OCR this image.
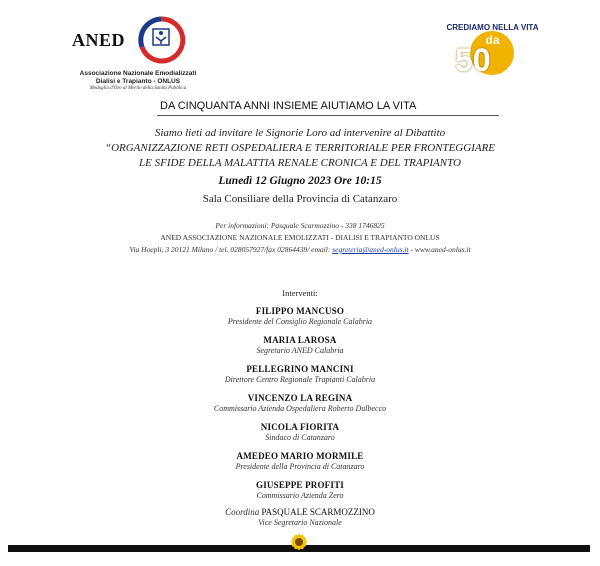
ANED
Associazione Nazionale Emodializzati
Dialisi e Trapianto - ONLUS
Medaglia d'Oro al Merito della Sanità Pubblica
CREDIAMO NELLA VITA
da
50 anni
DA CINQUANTA ANNI INSIEME AIUTIAMO LA VITA
Siamo lieti ad invitare le Signorie Loro ad intervenire al Dibattito
“ORGANIZZAZIONE RETI OSPEDALIERA E TERRITORIALE PER FRONTEGGIARE
LE SFIDE DELLA MALATTIA RENALE CRONICA E DEL TRAPIANTO
Lunedì 12 Giugno 2023 Ore 10:15
Sala Consiliare della Provincia di Catanzaro
Per informazioni: Pasquale Scarmozzino - 338 1746825
ANED ASSOCIAZIONE NAZIONALE EMOLIZZATI - DIALISI E TRAPIANTO ONLUS
Via Hoepli, 3 20121 Milano / tel. 028057927/fax 02864439/ email: segreteria@aned-onlus.it - www.aned-onlus.it
Interventi:
FILIPPO MANCUSO
Presidente del Consiglio Regionale Calabria
MARIA LAROSA
Segretario ANED Calabria
PELLEGRINO MANCINI
Direttore Centro Regionale Trapianti Calabria
VINCENZO LA REGINA
Commissario Azienda Ospedaliera Roberto Dulbecco
NICOLA FIORITA
Sindaco di Catanzaro
AMEDEO MARIO MORMILE
Presidente della Provincia di Catanzaro
GIUSEPPE PROFITI
Commissario Azienda Zero
Coordina PASQUALE SCARMOZZINO
Vice Segretario Nazionale
